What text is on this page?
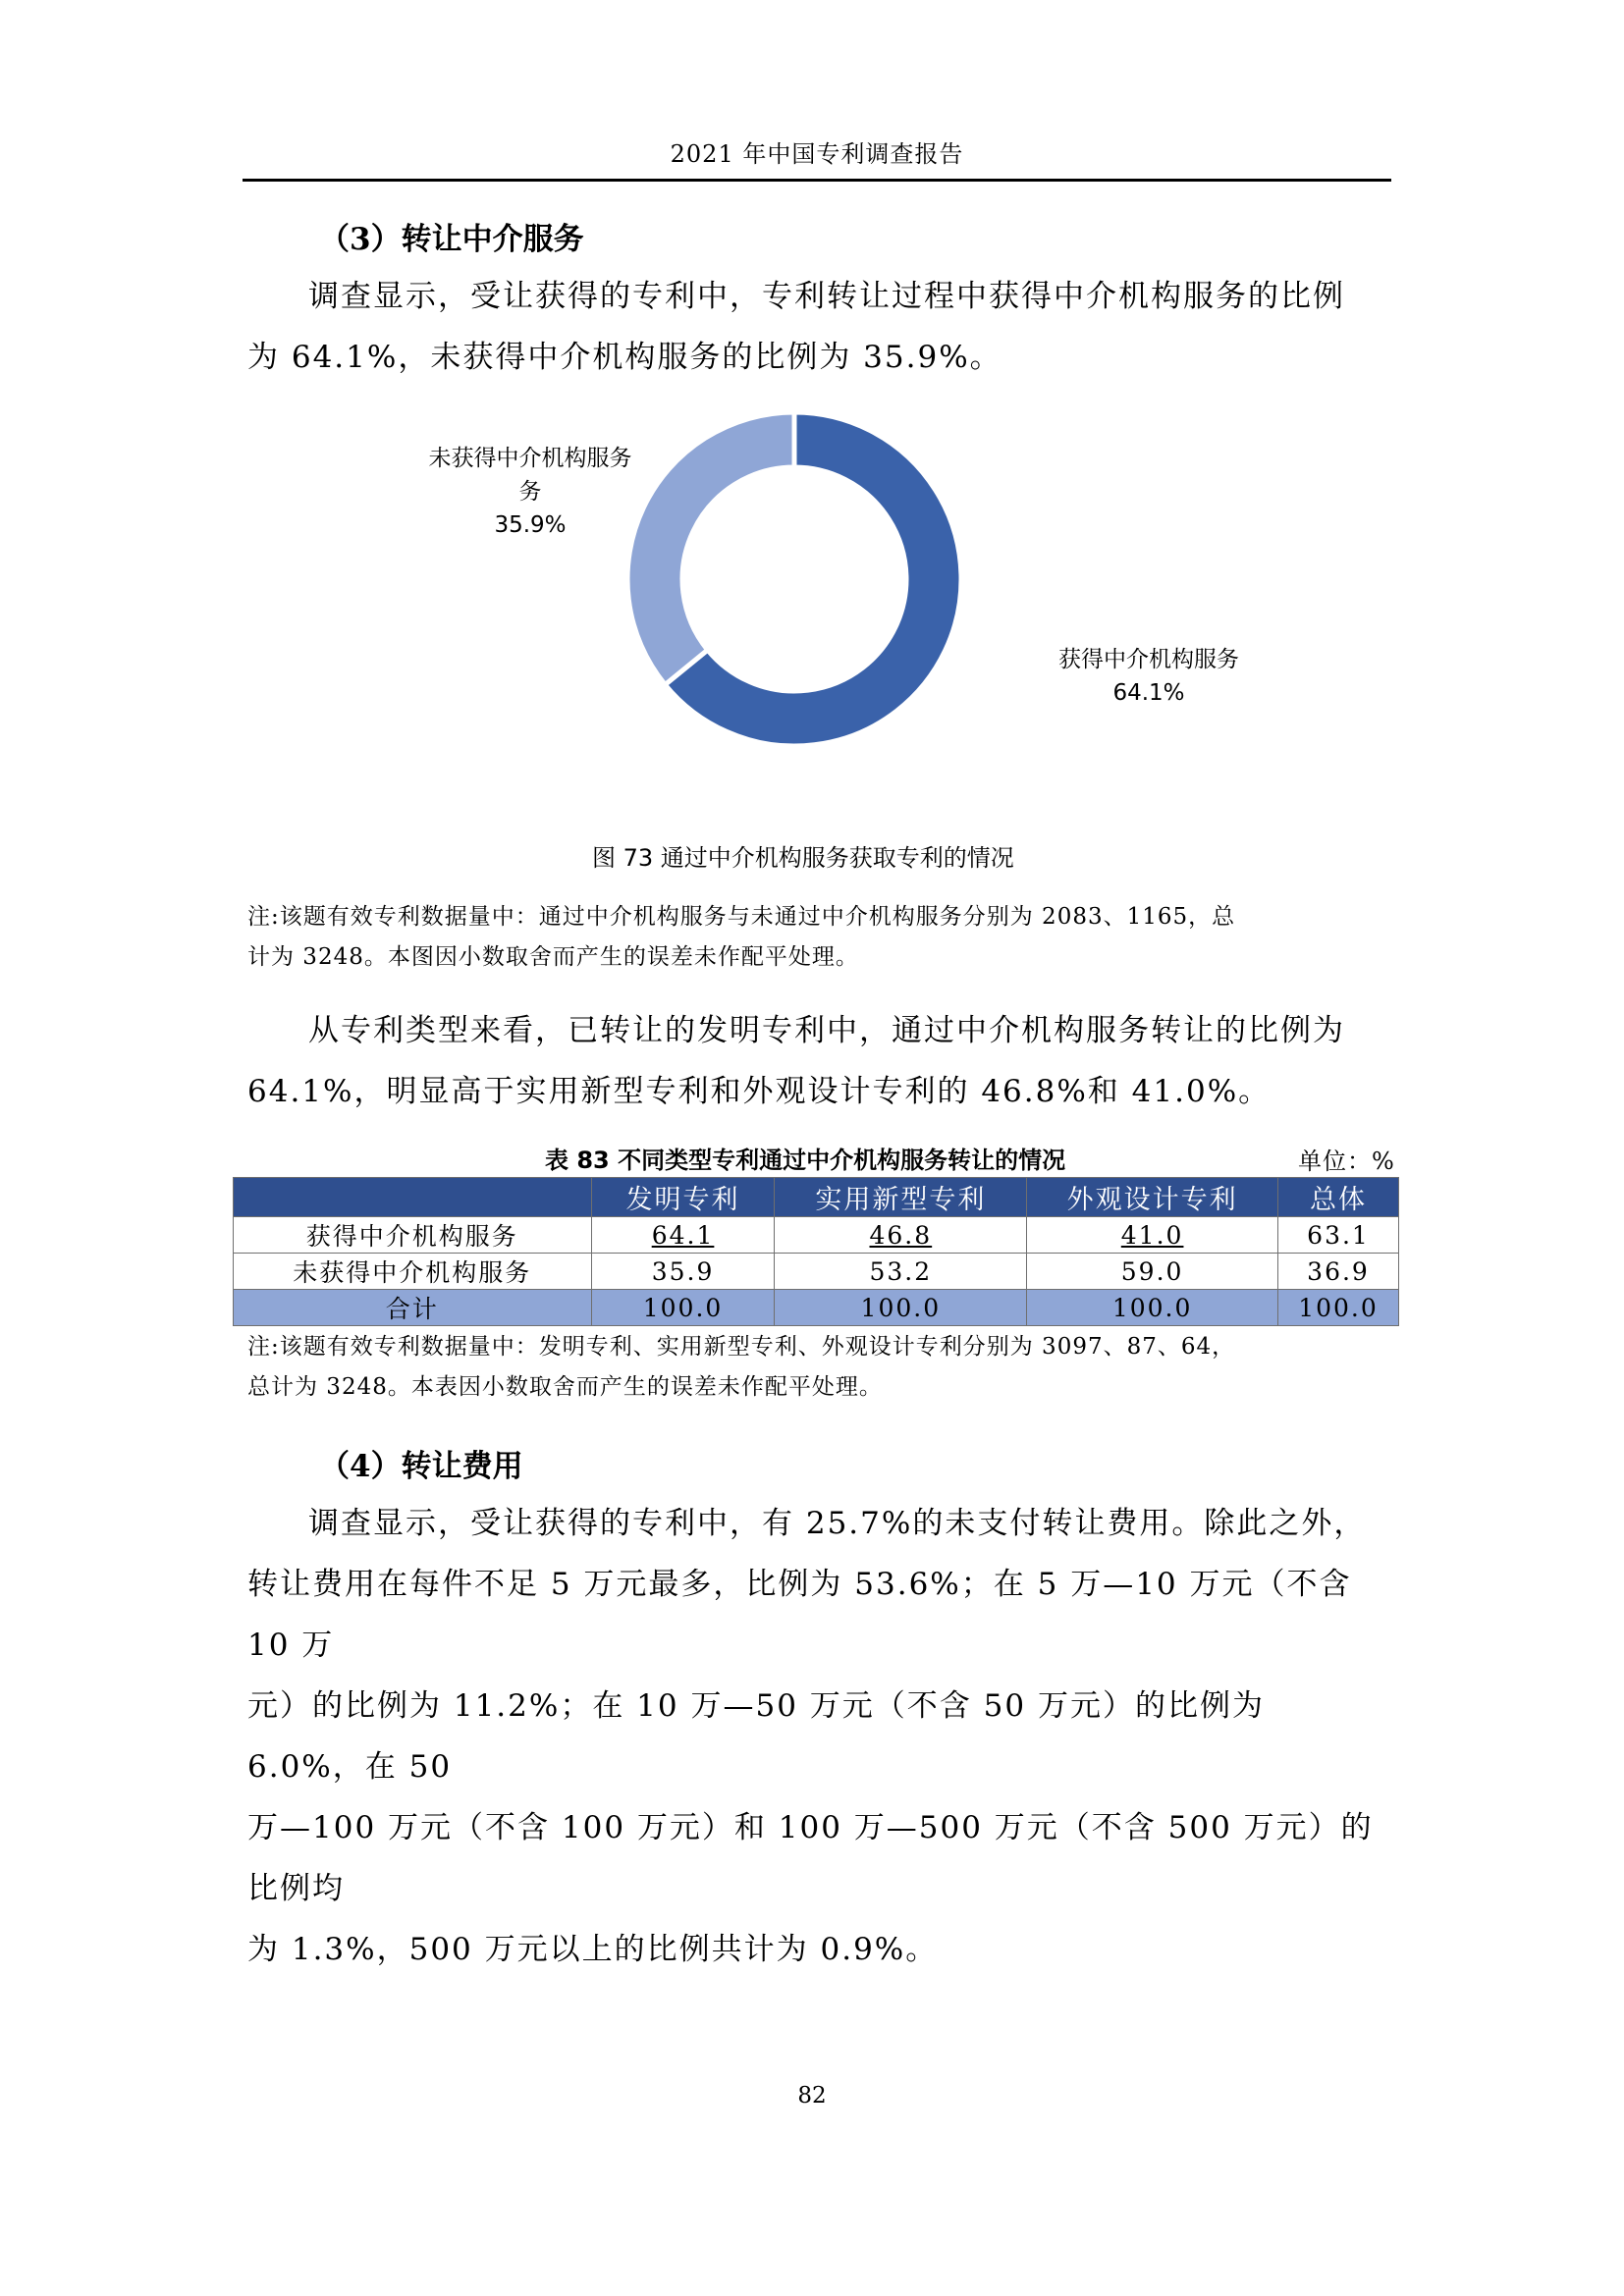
2021 年中国专利调查报告
（3）转让中介服务

调查显示，受让获得的专利中，专利转让过程中获得中介机构服务的比例

为 64.1%，未获得中介机构服务的比例为 35.9%。
未获得中介机构服务
务
35.9%
获得中介机构服务
64.1%
图 73 通过中介机构服务获取专利的情况
注:该题有效专利数据量中：通过中介机构服务与未通过中介机构服务分别为 2083、1165，总
计为 3248。本图因小数取舍而产生的误差未作配平处理。

从专利类型来看，已转让的发明专利中，通过中介机构服务转让的比例为

64.1%，明显高于实用新型专利和外观设计专利的 46.8%和 41.0%。
表 83 不同类型专利通过中介机构服务转让的情况	单位：%
	发明专利	实用新型专利	外观设计专利	总体
获得中介机构服务	64.1	46.8	41.0	63.1
未获得中介机构服务	35.9	53.2	59.0	36.9
合计	100.0	100.0	100.0	100.0
注:该题有效专利数据量中：发明专利、实用新型专利、外观设计专利分别为 3097、87、64，
总计为 3248。本表因小数取舍而产生的误差未作配平处理。
（4）转让费用

调查显示，受让获得的专利中，有 25.7%的未支付转让费用。除此之外，

转让费用在每件不足 5 万元最多，比例为 53.6%；在 5 万—10 万元（不含 10 万
元）的比例为 11.2%；在 10 万—50 万元（不含 50 万元）的比例为 6.0%，在 50
万—100 万元（不含 100 万元）和 100 万—500 万元（不含 500 万元）的比例均
为 1.3%，500 万元以上的比例共计为 0.9%。
82
